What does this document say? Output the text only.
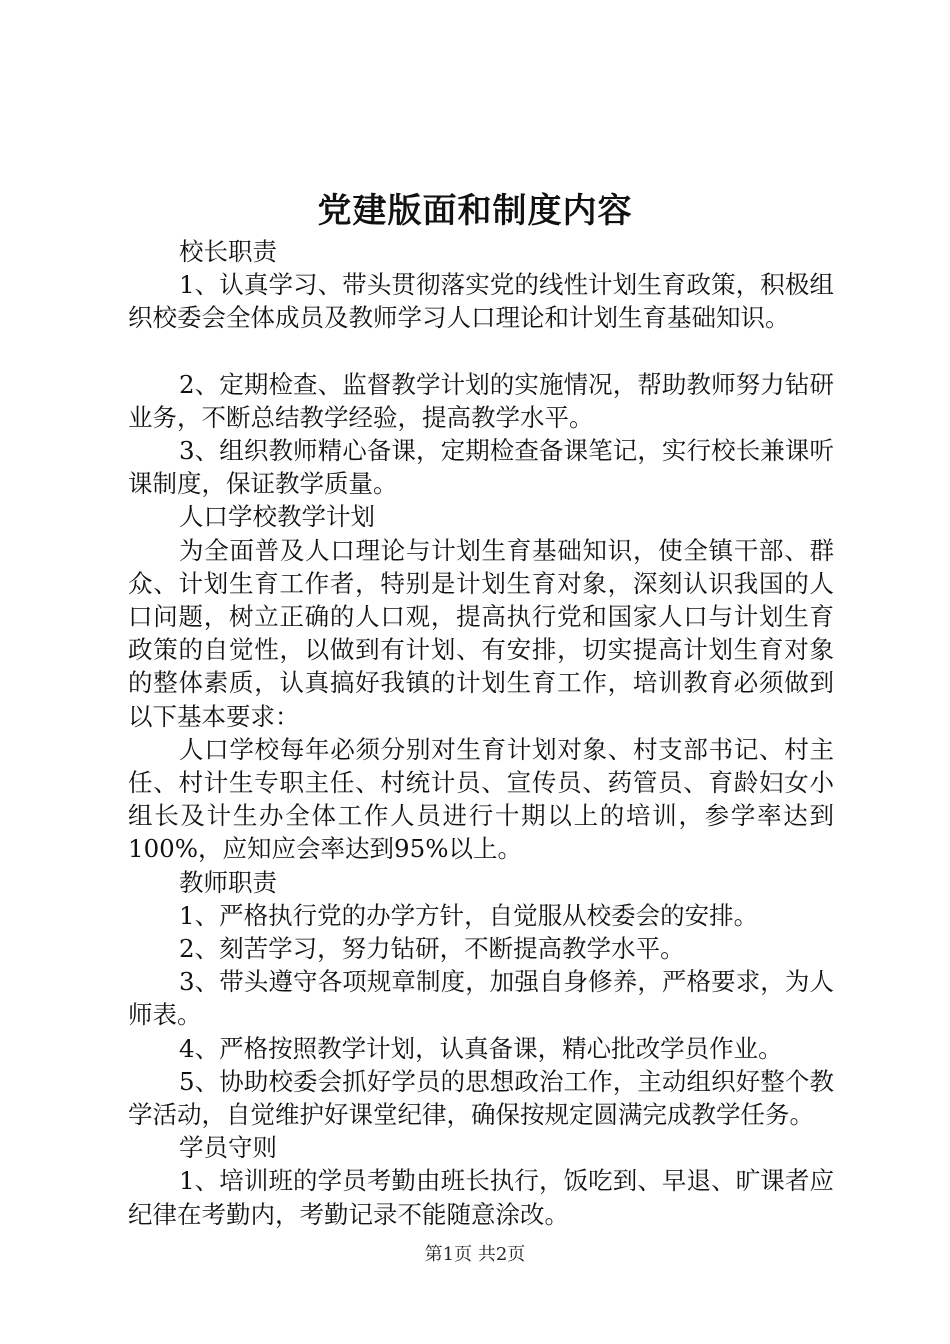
党建版面和制度内容

校长职责

1、认真学习、带头贯彻落实党的线性计划生育政策，积极组织校委会全体成员及教师学习人口理论和计划生育基础知识。

2、定期检查、监督教学计划的实施情况，帮助教师努力钻研业务，不断总结教学经验，提高教学水平。

3、组织教师精心备课，定期检查备课笔记，实行校长兼课听课制度，保证教学质量。

人口学校教学计划

为全面普及人口理论与计划生育基础知识，使全镇干部、群众、计划生育工作者，特别是计划生育对象，深刻认识我国的人口问题，树立正确的人口观，提高执行党和国家人口与计划生育政策的自觉性，以做到有计划、有安排，切实提高计划生育对象的整体素质，认真搞好我镇的计划生育工作，培训教育必须做到以下基本要求：

人口学校每年必须分别对生育计划对象、村支部书记、村主任、村计生专职主任、村统计员、宣传员、药管员、育龄妇女小组长及计生办全体工作人员进行十期以上的培训，参学率达到100%，应知应会率达到95%以上。

教师职责

1、严格执行党的办学方针，自觉服从校委会的安排。

2、刻苦学习，努力钻研，不断提高教学水平。

3、带头遵守各项规章制度，加强自身修养，严格要求，为人师表。

4、严格按照教学计划，认真备课，精心批改学员作业。

5、协助校委会抓好学员的思想政治工作，主动组织好整个教学活动，自觉维护好课堂纪律，确保按规定圆满完成教学任务。

学员守则

1、培训班的学员考勤由班长执行，饭吃到、早退、旷课者应纪律在考勤内，考勤记录不能随意涂改。

第1页 共2页
